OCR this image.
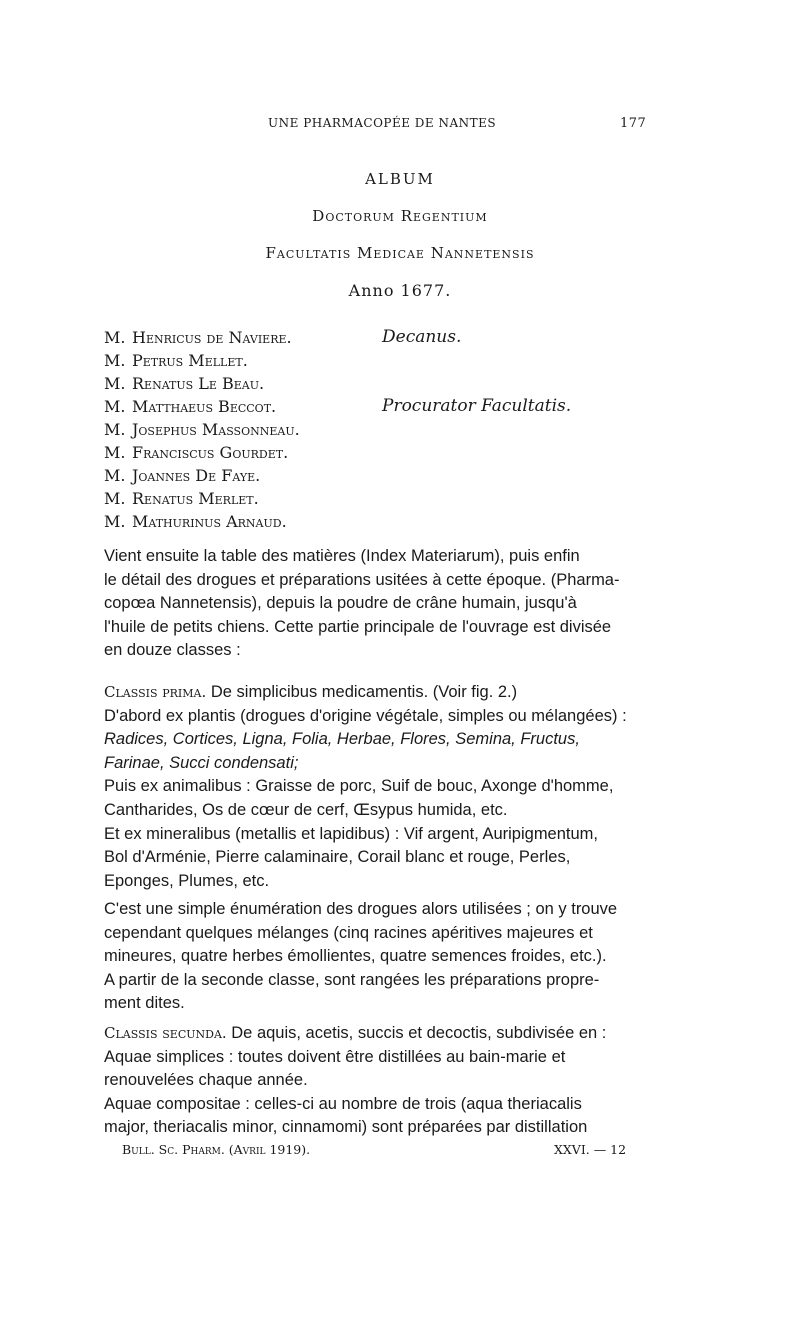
UNE PHARMACOPÉE DE NANTES	177
ALBUM
Doctorum Regentium
Facultatis Medicae Nannetensis
Anno 1677.
M. Henricus de Naviere.
M. Petrus Mellet.
M. Renatus Le Beau.
M. Matthaeus Beccot.
M. Josephus Massonneau.
M. Franciscus Gourdet.
M. Joannes De Faye.
M. Renatus Merlet.
M. Mathurinus Arnaud.
Decanus.
Procurator Facultatis.
Vient ensuite la table des matières (Index Materiarum), puis enfin
le détail des drogues et préparations usitées à cette époque. (Pharma-
copœa Nannetensis), depuis la poudre de crâne humain, jusqu'à
l'huile de petits chiens. Cette partie principale de l'ouvrage est divisée
en douze classes :
Classis prima. De simplicibus medicamentis. (Voir fig. 2.)
D'abord ex plantis (drogues d'origine végétale, simples ou mélangées) :
Radices, Cortices, Ligna, Folia, Herbae, Flores, Semina, Fructus,
Farinae, Succi condensati;
Puis ex animalibus : Graisse de porc, Suif de bouc, Axonge d'homme,
Cantharides, Os de cœur de cerf, Œsypus humida, etc.
Et ex mineralibus (metallis et lapidibus) : Vif argent, Auripigmentum,
Bol d'Arménie, Pierre calaminaire, Corail blanc et rouge, Perles,
Eponges, Plumes, etc.
C'est une simple énumération des drogues alors utilisées ; on y trouve
cependant quelques mélanges (cinq racines apéritives majeures et
mineures, quatre herbes émollientes, quatre semences froides, etc.).
A partir de la seconde classe, sont rangées les préparations propre-
ment dites.
Classis secunda. De aquis, acetis, succis et decoctis, subdivisée en :
Aquae simplices : toutes doivent être distillées au bain-marie et
renouvelées chaque année.
Aquae compositae : celles-ci au nombre de trois (aqua theriacalis
major, theriacalis minor, cinnamomi) sont préparées par distillation
Bull. Sc. Pharm. (Avril 1919).	XXVI. — 12
